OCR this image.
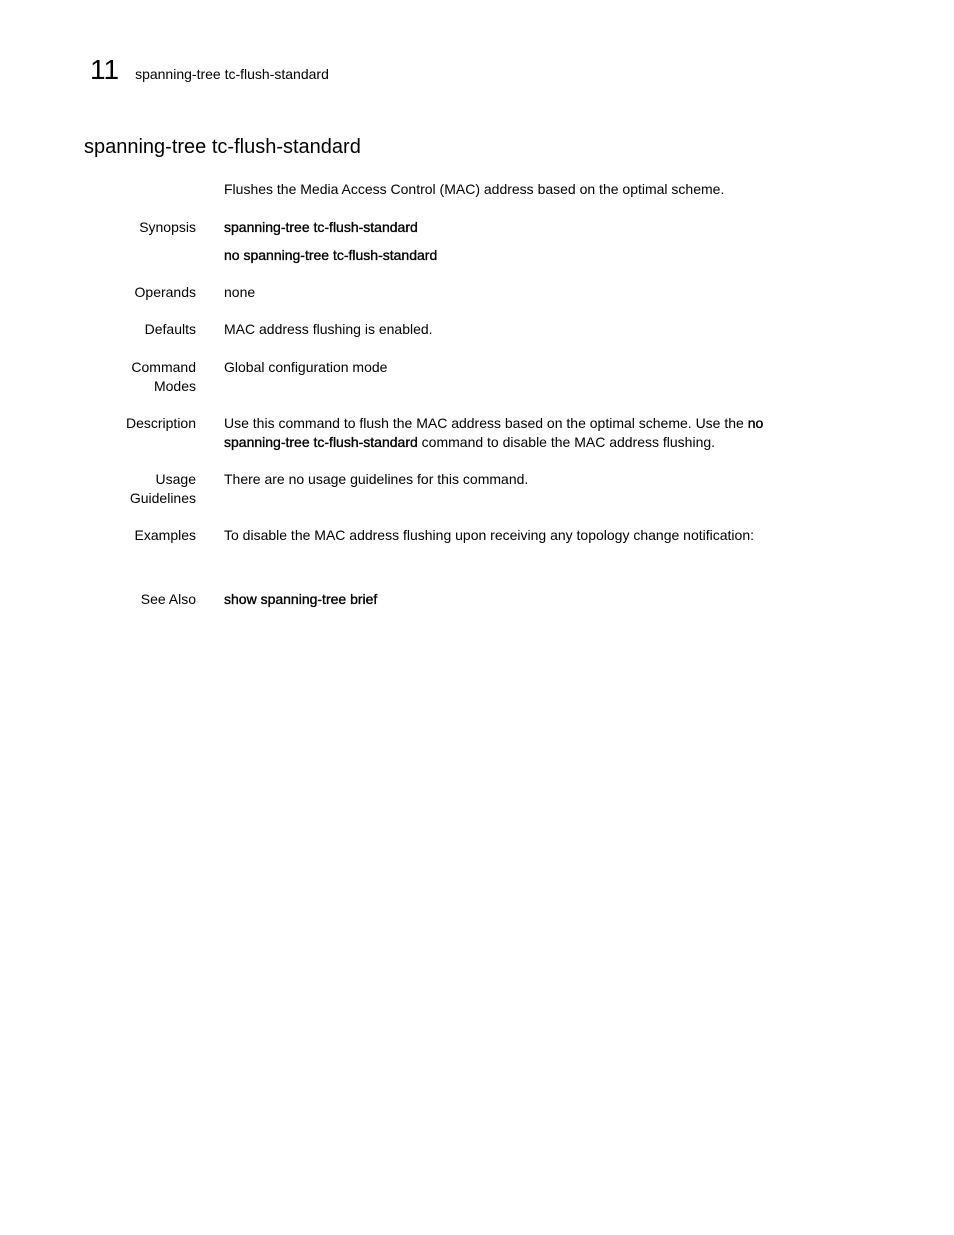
11 spanning-tree tc-flush-standard
spanning-tree tc-flush-standard

Flushes the Media Access Control (MAC) address based on the optimal scheme.

Synopsis spanning-tree tc-flush-standard

no spanning-tree tc-flush-standard

Operands none
Defaults MAC address flushing is enabled.
Command
Modes
Global configuration mode
Description Use this command to flush the MAC address based on the optimal scheme. Use the no spanning-tree tc-flush-standard command to disable the MAC address flushing.
Usage
Guidelines
There are no usage guidelines for this command.
Examples To disable the MAC address flushing upon receiving any topology change notification:
See Also show spanning-tree brief
